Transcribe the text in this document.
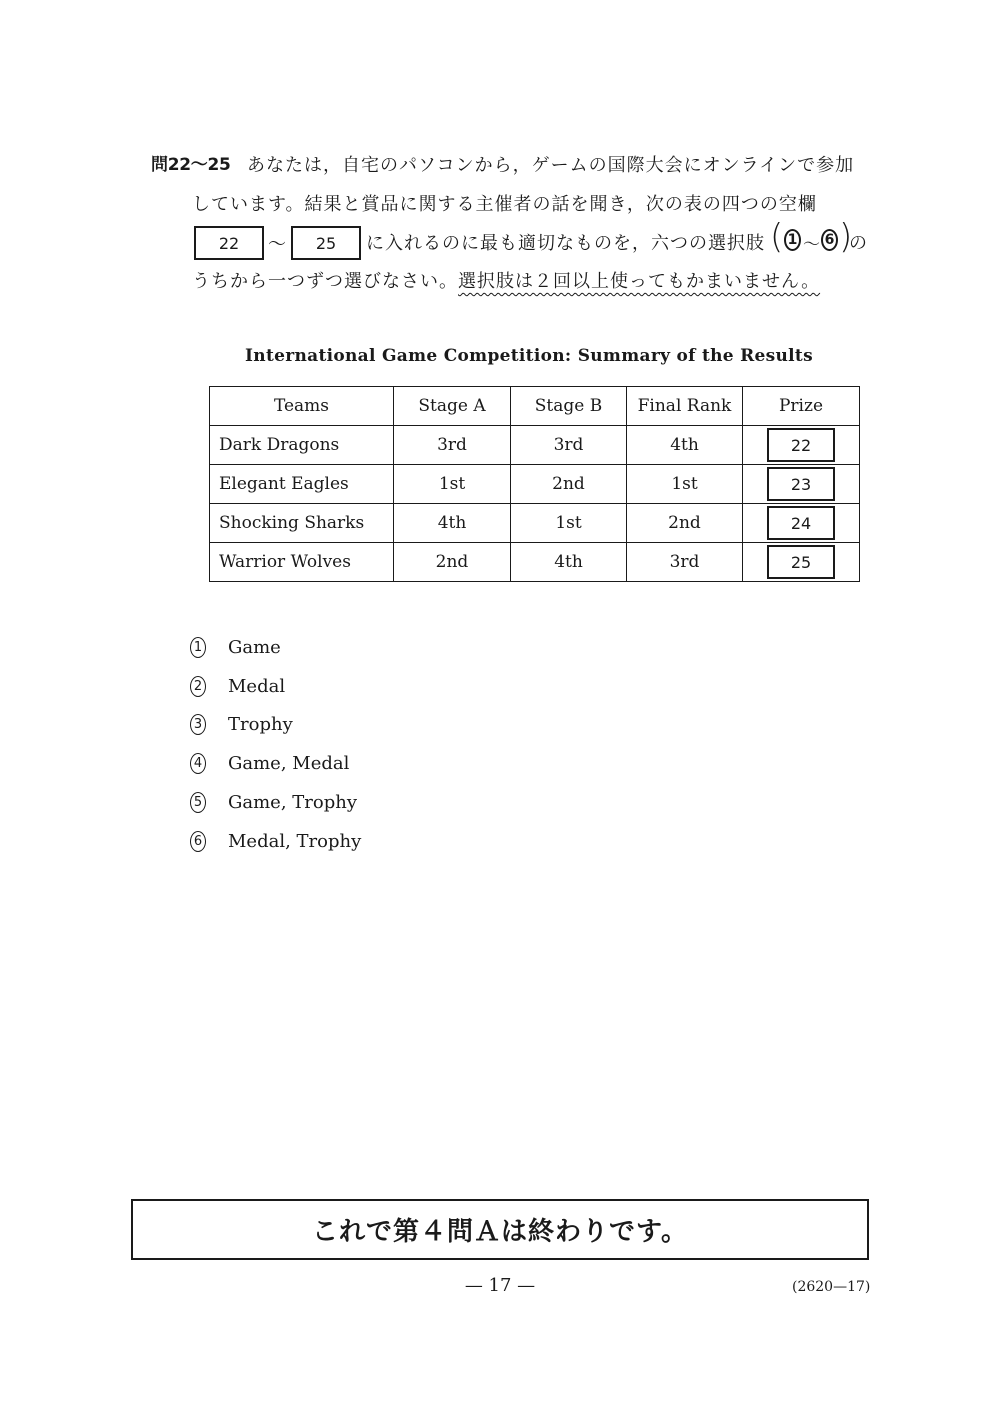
問22～25 あなたは，自宅のパソコンから，ゲームの国際大会にオンラインで参加
しています。結果と賞品に関する主催者の話を聞き，次の表の四つの空欄
22	～	25	に入れるのに最も適切なものを，六つの選択肢 ( 1 ～ 6 )
の
うちから一つずつ選びなさい。選択肢は２回以上使ってもかまいません。
International Game Competition: Summary of the Results
Teams	Stage A	Stage B	Final Rank	Prize
Dark Dragons	3rd	3rd	4th	22
Elegant Eagles	1st	2nd	1st	23
Shocking Sharks	4th	1st	2nd	24
Warrior Wolves	2nd	4th	3rd	25
1 Game
2 Medal
3 Trophy
4 Game, Medal
5 Game, Trophy
6 Medal, Trophy
これで第４問Ａは終わりです。
— 17 —	(2620—17)
